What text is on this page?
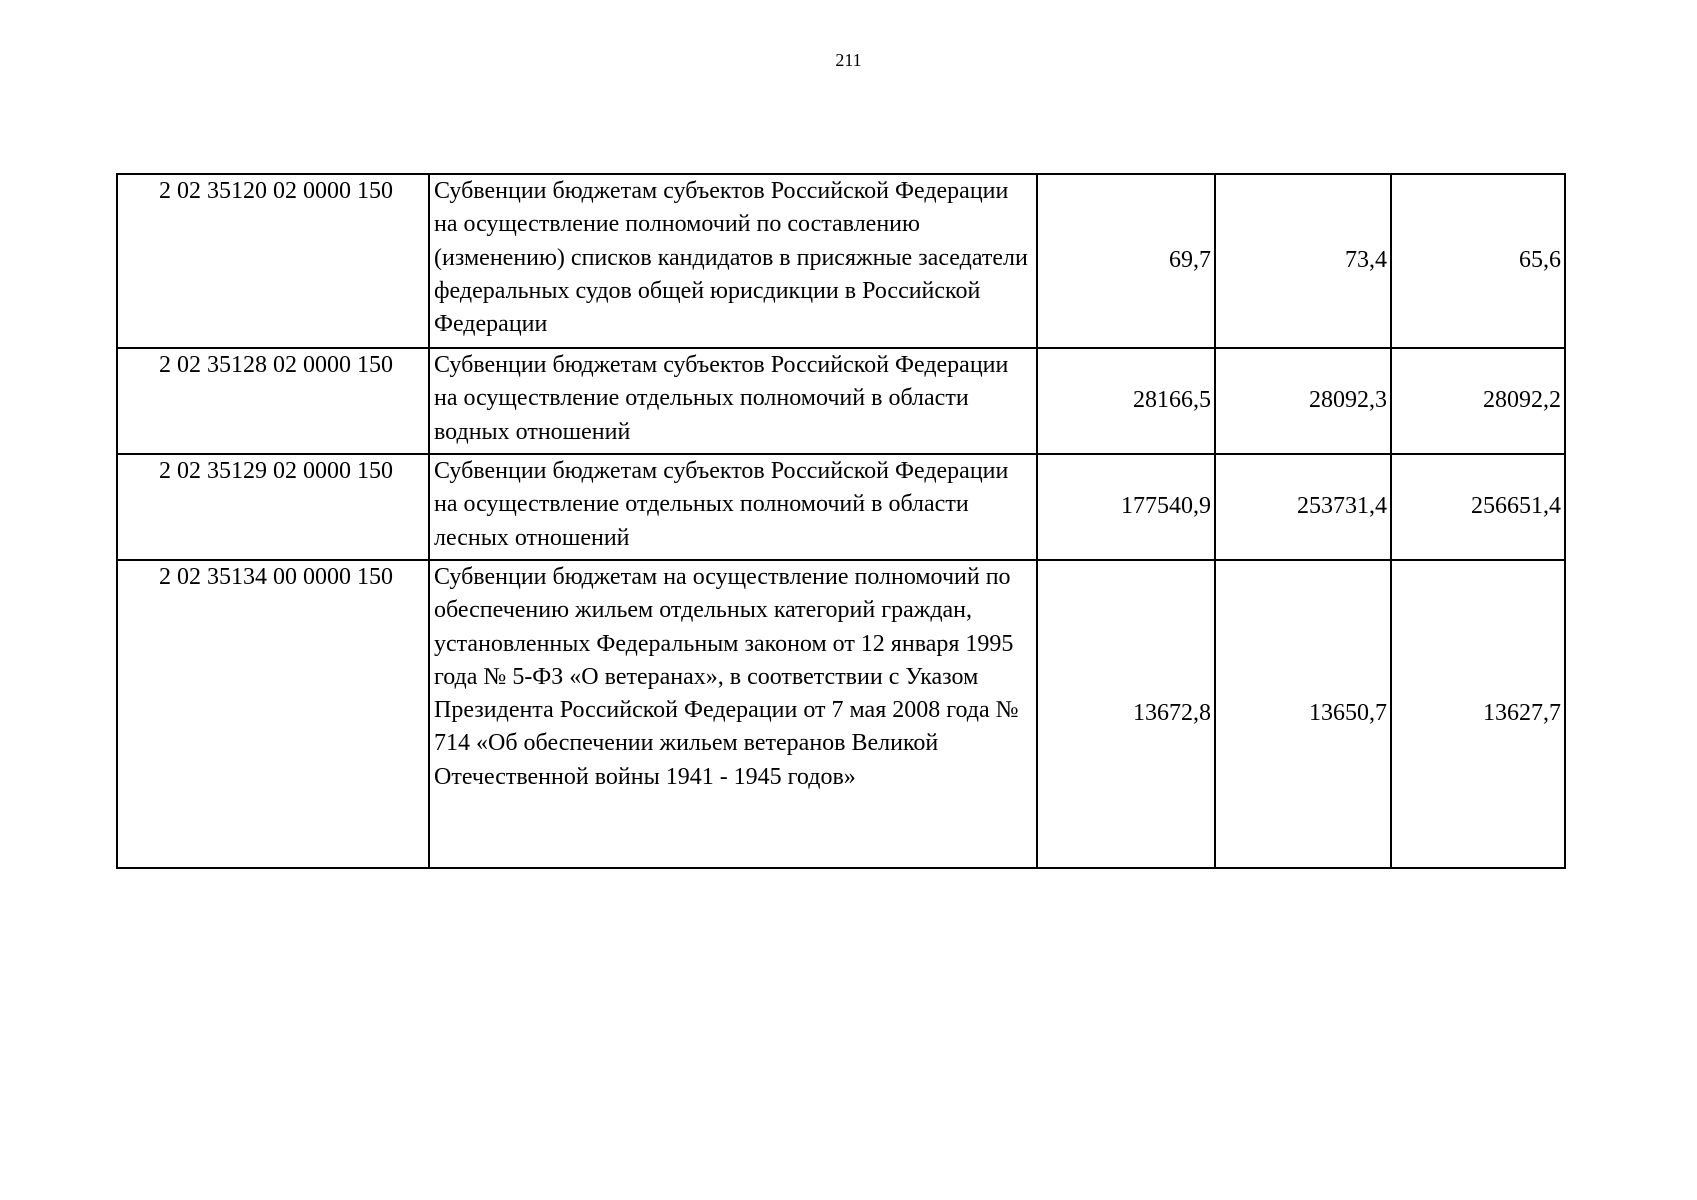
211
2 02 35120 02 0000 150	Субвенции бюджетам субъектов Российской Федерации на осуществление полномочий по составлению (изменению) списков кандидатов в присяжные заседатели федеральных судов общей юрисдикции в Российской Федерации	69,7	73,4	65,6

2 02 35128 02 0000 150	Субвенции бюджетам субъектов Российской Федерации на осуществление отдельных полномочий в области водных отношений	28166,5	28092,3	28092,2

2 02 35129 02 0000 150	Субвенции бюджетам субъектов Российской Федерации на осуществление отдельных полномочий в области лесных отношений	177540,9	253731,4	256651,4

2 02 35134 00 0000 150	Субвенции бюджетам на осуществление полномочий по обеспечению жильем отдельных категорий граждан, установленных Федеральным законом от 12 января 1995 года № 5-ФЗ «О ветеранах», в соответствии с Указом Президента Российской Федерации от 7 мая 2008 года № 714 «Об обеспечении жильем ветеранов Великой Отечественной войны 1941 - 1945 годов»	13672,8	13650,7	13627,7
